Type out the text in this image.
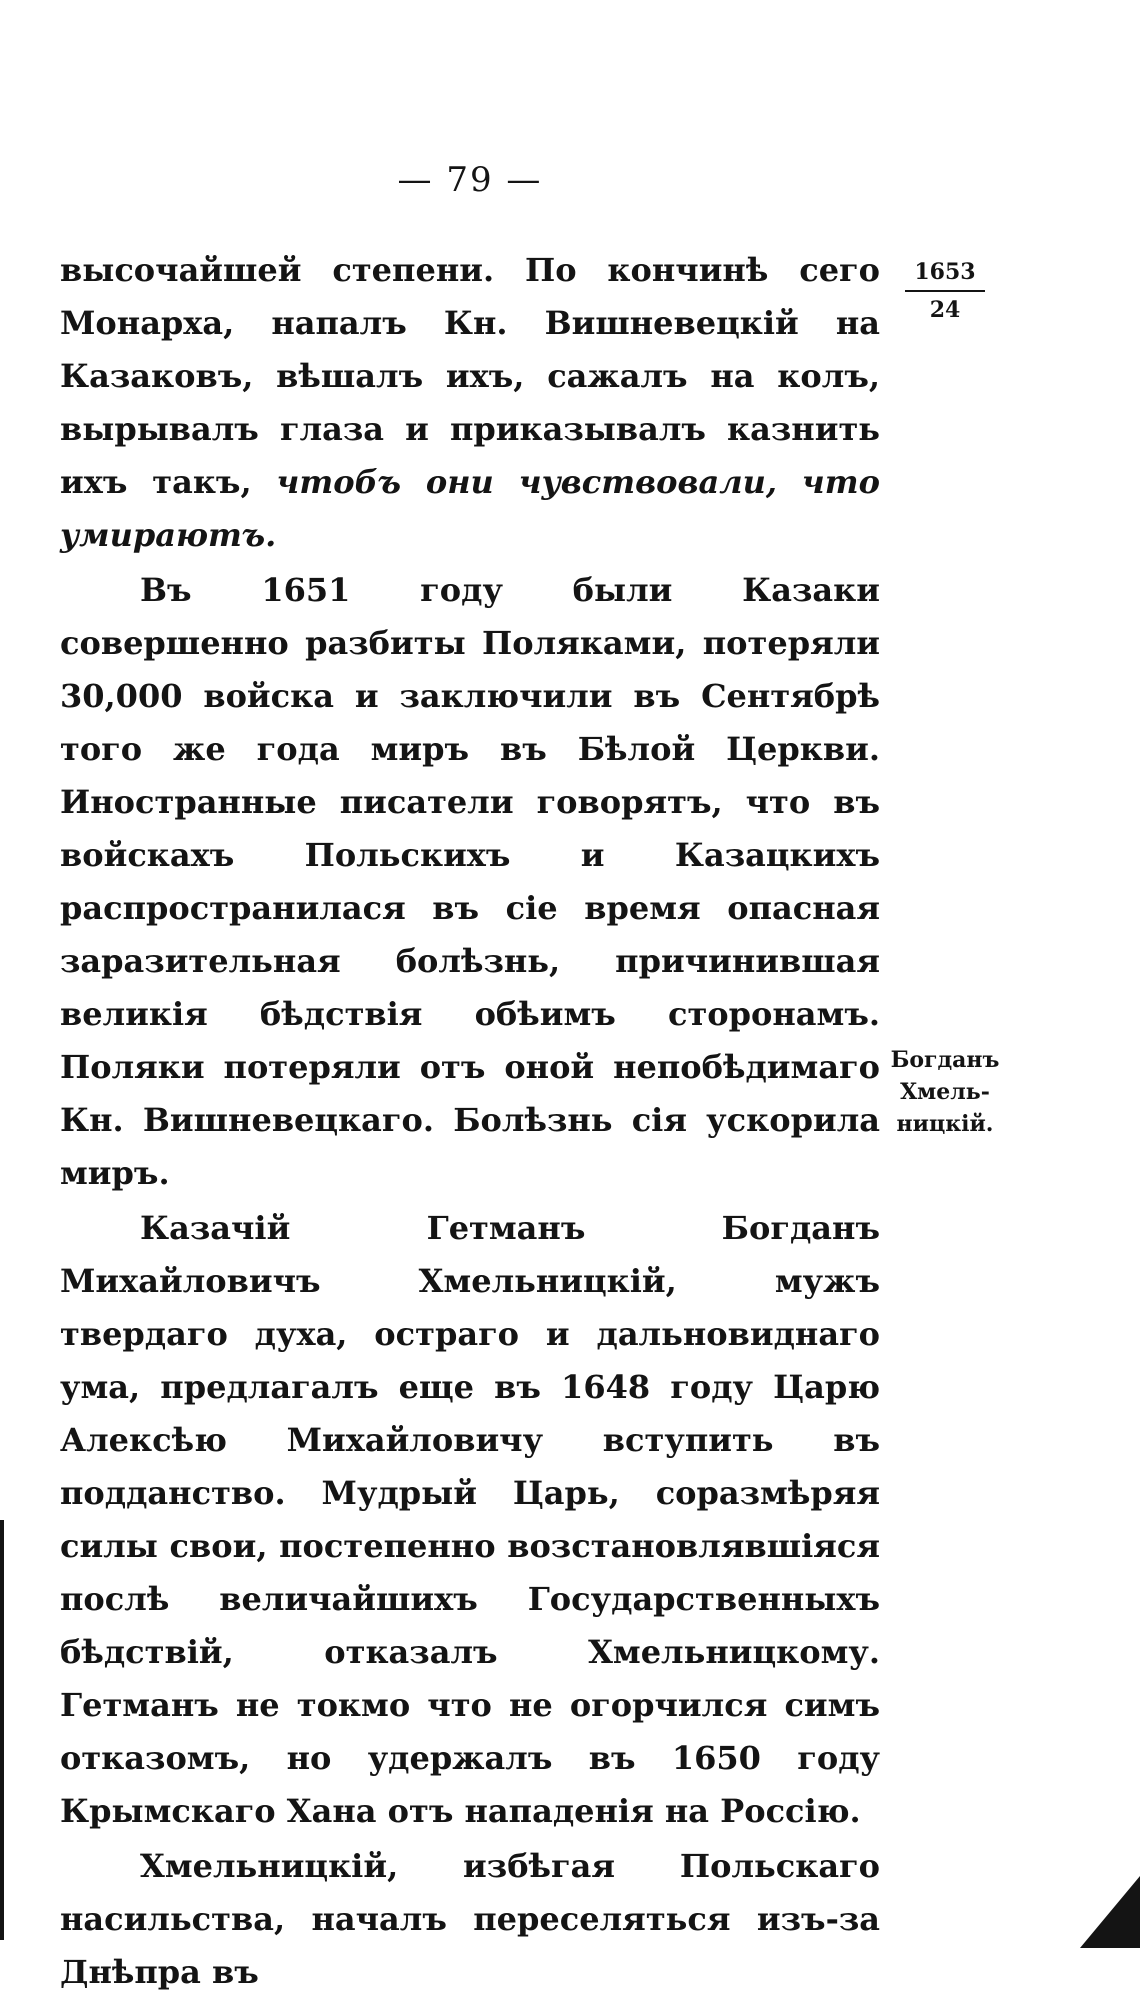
— 79 —
$\frac{1653}{24}$
Богданъ
Хмель-
ницкій.

высочайшей степени. По кончинѣ сего Монарха, напалъ Кн. Вишневецкій на Казаковъ, вѣшалъ ихъ, сажалъ на колъ, вырывалъ глаза и приказывалъ казнить ихъ такъ, чтобъ они чувствовали, что умираютъ.

Въ 1651 году были Казаки совершенно разбиты Поляками, потеряли 30,000 войска и заключили въ Сентябрѣ того же года миръ въ Бѣлой Церкви. Иностранные писатели говорятъ, что въ войскахъ Польскихъ и Казацкихъ распространилася въ сіе время опасная заразительная болѣзнь, причинившая великія бѣдствія обѣимъ сторонамъ. Поляки потеряли отъ оной непобѣдимаго Кн. Вишневецкаго. Болѣзнь сія ускорила миръ.

Казачій Гетманъ Богданъ Михайловичъ Хмельницкій, мужъ твердаго духа, остраго и дальновиднаго ума, предлагалъ еще въ 1648 году Царю Алексѣю Михайловичу вступить въ подданство. Мудрый Царь, соразмѣряя силы свои, постепенно возстановлявшіяся послѣ величайшихъ Государственныхъ бѣдствій, отказалъ Хмельницкому. Гетманъ не токмо что не огорчился симъ отказомъ, но удержалъ въ 1650 году Крымскаго Хана отъ нападенія на Россію.

Хмельницкій, избѣгая Польскаго насильства, началъ переселяться изъ-за Днѣпра въ
